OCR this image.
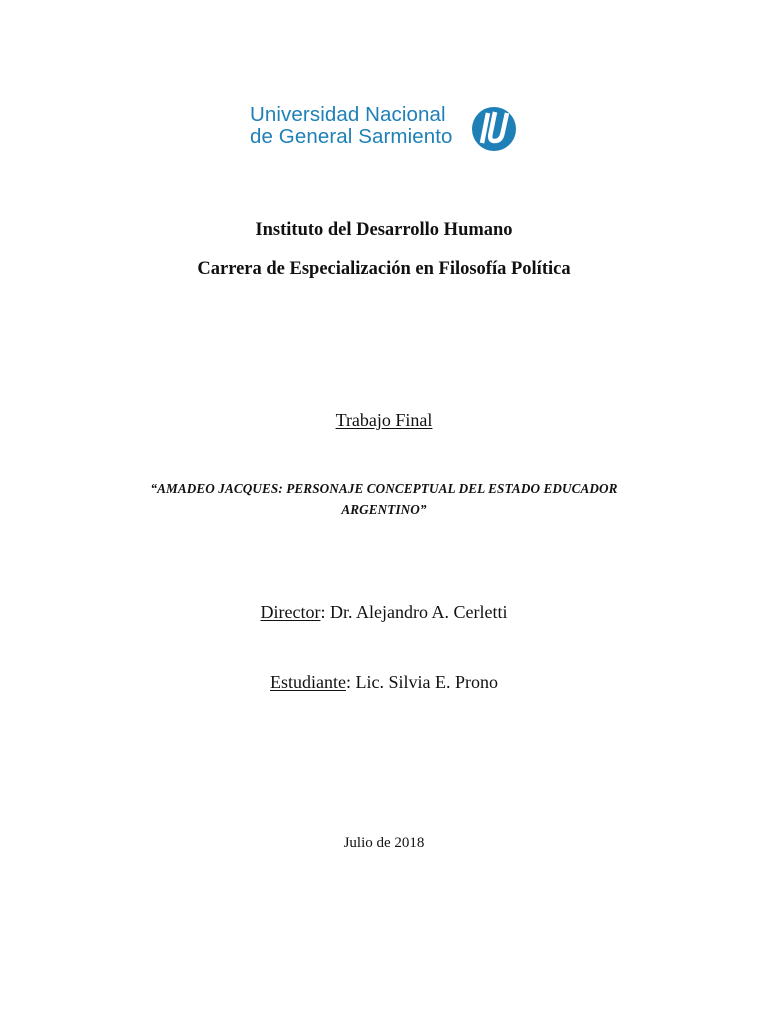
Universidad Nacional
de General Sarmiento
Instituto del Desarrollo Humano
Carrera de Especialización en Filosofía Política
Trabajo Final
“AMADEO JACQUES: PERSONAJE CONCEPTUAL DEL ESTADO EDUCADOR
ARGENTINO”
Director: Dr. Alejandro A. Cerletti
Estudiante: Lic. Silvia E. Prono
Julio de 2018
